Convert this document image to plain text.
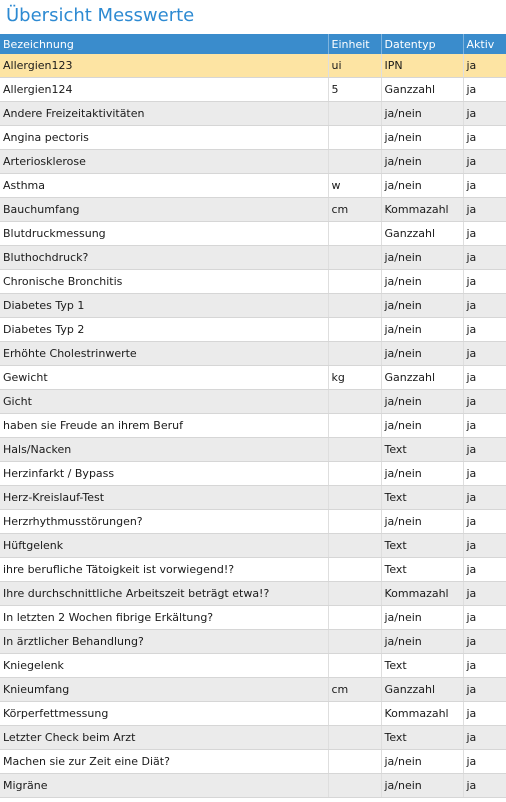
Übersicht Messwerte
Bezeichnung	Einheit	Datentyp	Aktiv
Allergien123	ui	IPN	ja
Allergien124	5	Ganzzahl	ja
Andere Freizeitaktivitäten		ja/nein	ja
Angina pectoris		ja/nein	ja
Arteriosklerose		ja/nein	ja
Asthma	w	ja/nein	ja
Bauchumfang	cm	Kommazahl	ja
Blutdruckmessung		Ganzzahl	ja
Bluthochdruck?		ja/nein	ja
Chronische Bronchitis		ja/nein	ja
Diabetes Typ 1		ja/nein	ja
Diabetes Typ 2		ja/nein	ja
Erhöhte Cholestrinwerte		ja/nein	ja
Gewicht	kg	Ganzzahl	ja
Gicht		ja/nein	ja
haben sie Freude an ihrem Beruf		ja/nein	ja
Hals/Nacken		Text	ja
Herzinfarkt / Bypass		ja/nein	ja
Herz-Kreislauf-Test		Text	ja
Herzrhythmusstörungen?		ja/nein	ja
Hüftgelenk		Text	ja
ihre berufliche Tätoigkeit ist vorwiegend!?		Text	ja
Ihre durchschnittliche Arbeitszeit beträgt etwa!?		Kommazahl	ja
In letzten 2 Wochen fibrige Erkältung?		ja/nein	ja
In ärztlicher Behandlung?		ja/nein	ja
Kniegelenk		Text	ja
Knieumfang	cm	Ganzzahl	ja
Körperfettmessung		Kommazahl	ja
Letzter Check beim Arzt		Text	ja
Machen sie zur Zeit eine Diät?		ja/nein	ja
Migräne		ja/nein	ja
